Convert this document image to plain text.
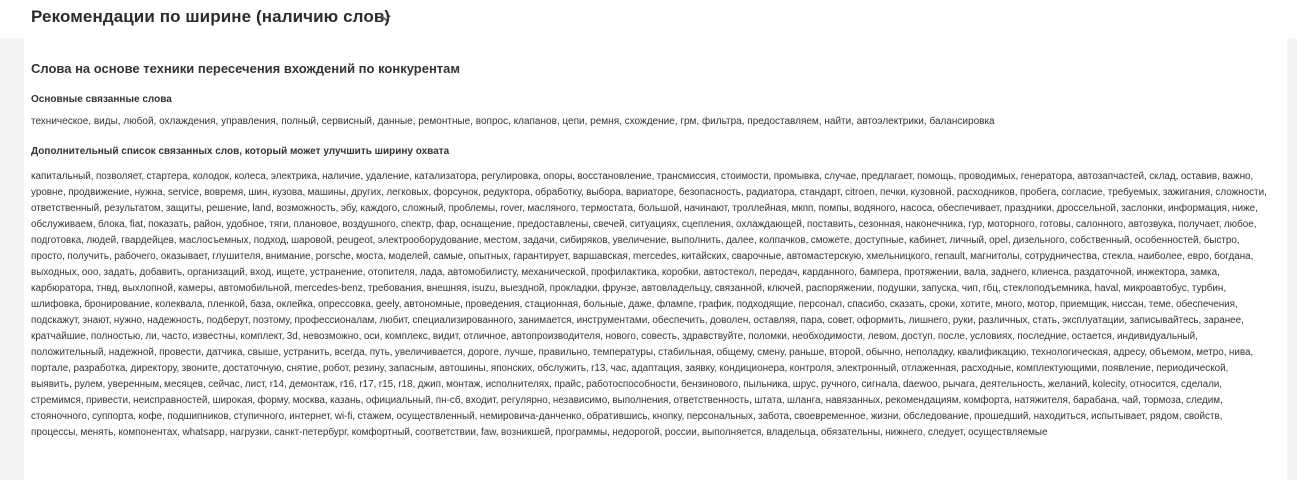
Рекомендации по ширине (наличию слов)
Слова на основе техники пересечения вхождений по конкурентам
Основные связанные слова
техническое, виды, любой, охлаждения, управления, полный, сервисный, данные, ремонтные, вопрос, клапанов, цепи, ремня, схождение, грм, фильтра, предоставляем, найти, автоэлектрики, балансировка
Дополнительный список связанных слов, который может улучшить ширину охвата
капитальный, позволяет, стартера, колодок, колеса, электрика, наличие, удаление, катализатора, регулировка, опоры, восстановление, трансмиссия, стоимости, промывка, случае, предлагает, помощь, проводимых, генератора, автозапчастей, склад, оставив, важно, уровне, продвижение, нужна, service, вовремя, шин, кузова, машины, других, легковых, форсунок, редуктора, обработку, выбора, вариаторе, безопасность, радиатора, стандарт, citroen, печки, кузовной, расходников, пробега, согласие, требуемых, зажигания, сложности, ответственный, результатом, защиты, решение, land, возможность, эбу, каждого, сложный, проблемы, rover, масляного, термостата, большой, начинают, троллейная, мкпп, помпы, водяного, насоса, обеспечивает, праздники, дроссельной, заслонки, информация, ниже, обслуживаем, блока, fiat, показать, район, удобное, тяги, плановое, воздушного, спектр, фар, оснащение, предоставлены, свечей, ситуациях, сцепления, охлаждающей, поставить, сезонная, наконечника, гур, моторного, готовы, салонного, автозвука, получает, любое, подготовка, людей, гвардейцев, маслосъемных, подход, шаровой, peugeot, электрооборудование, местом, задачи, сибиряков, увеличение, выполнить, далее, колпачков, сможете, доступные, кабинет, личный, opel, дизельного, собственный, особенностей, быстро, просто, получить, рабочего, оказывает, глушителя, внимание, porsche, моста, моделей, самые, опытных, гарантирует, варшавская, mercedes, китайских, сварочные, автомастерскую, хмельницкого, renault, магнитолы, сотрудничества, стекла, наиболее, евро, богдана, выходных, ооо, задать, добавить, организаций, вход, ищете, устранение, отопителя, лада, автомобилисту, механической, профилактика, коробки, автостекол, передач, карданного, бампера, протяжении, вала, заднего, клиенса, раздаточной, инжектора, замка, карбюратора, тнвд, выхлопной, камеры, автомобильной, mercedes-benz, требования, внешняя, isuzu, выездной, прокладки, фрунзе, автовладельцу, связанной, ключей, распоряжении, подушки, запуска, чип, гбц, стеклоподъемника, haval, микроавтобус, турбин, шлифовка, бронирование, колеквала, пленкой, база, оклейка, опрессовка, geely, автономные, проведения, стационная, больные, даже, флампе, график, подходящие, персонал, спасибо, сказать, сроки, хотите, много, мотор, приемщик, ниссан, теме, обеспечения, подскажут, знают, нужно, надежность, подберут, поэтому, профессионалам, любит, специализированного, занимается, инструментами, обеспечить, доволен, оставляя, пара, совет, оформить, лишнего, руки, различных, стать, эксплуатации, записывайтесь, заранее, кратчайшие, полностью, ли, часто, известны, комплект, 3d, невозможно, оси, комплекс, видит, отличное, автопроизводителя, нового, совесть, здравствуйте, поломки, необходимости, левом, доступ, после, условиях, последние, остается, индивидуальный, положительный, надежной, провести, датчика, свыше, устранить, всегда, путь, увеличивается, дороге, лучше, правильно, температуры, стабильная, общему, смену, раньше, второй, обычно, неполадку, квалификацию, технологическая, адресу, объемом, метро, нива, портале, разработка, директору, звоните, достаточную, снятие, робот, резину, запасным, автошины, японских, обслужить, r13, час, адаптация, заявку, кондиционера, контроля, электронный, отлаженная, расходные, комплектующими, появление, периодической, выявить, рулем, уверенным, месяцев, сейчас, лист, r14, демонтаж, r16, r17, r15, r18, джип, монтаж, исполнителях, прайс, работоспособности, бензинового, пыльника, шрус, ручного, сигнала, daewoo, рычага, деятельность, желаний, kolecity, относится, сделали, стремимся, привести, неисправностей, широкая, форму, москва, казань, официальный, пн-сб, входит, регулярно, независимо, выполнения, ответственность, штата, шланга, навязанных, рекомендациям, комфорта, натяжителя, барабана, чай, тормоза, следим, стояночного, суппорта, кофе, подшипников, ступичного, интернет, wi-fi, стажем, осуществленный, немировича-данченко, обратившись, кнопку, персональных, забота, своевременное, жизни, обследование, прошедший, находиться, испытывает, рядом, свойств, процессы, менять, компонентах, whatsapp, нагрузки, санкт-петербург, комфортный, соответствии, faw, возникшей, программы, недорогой, россии, выполняется, владельца, обязательны, нижнего, следует, осуществляемые
